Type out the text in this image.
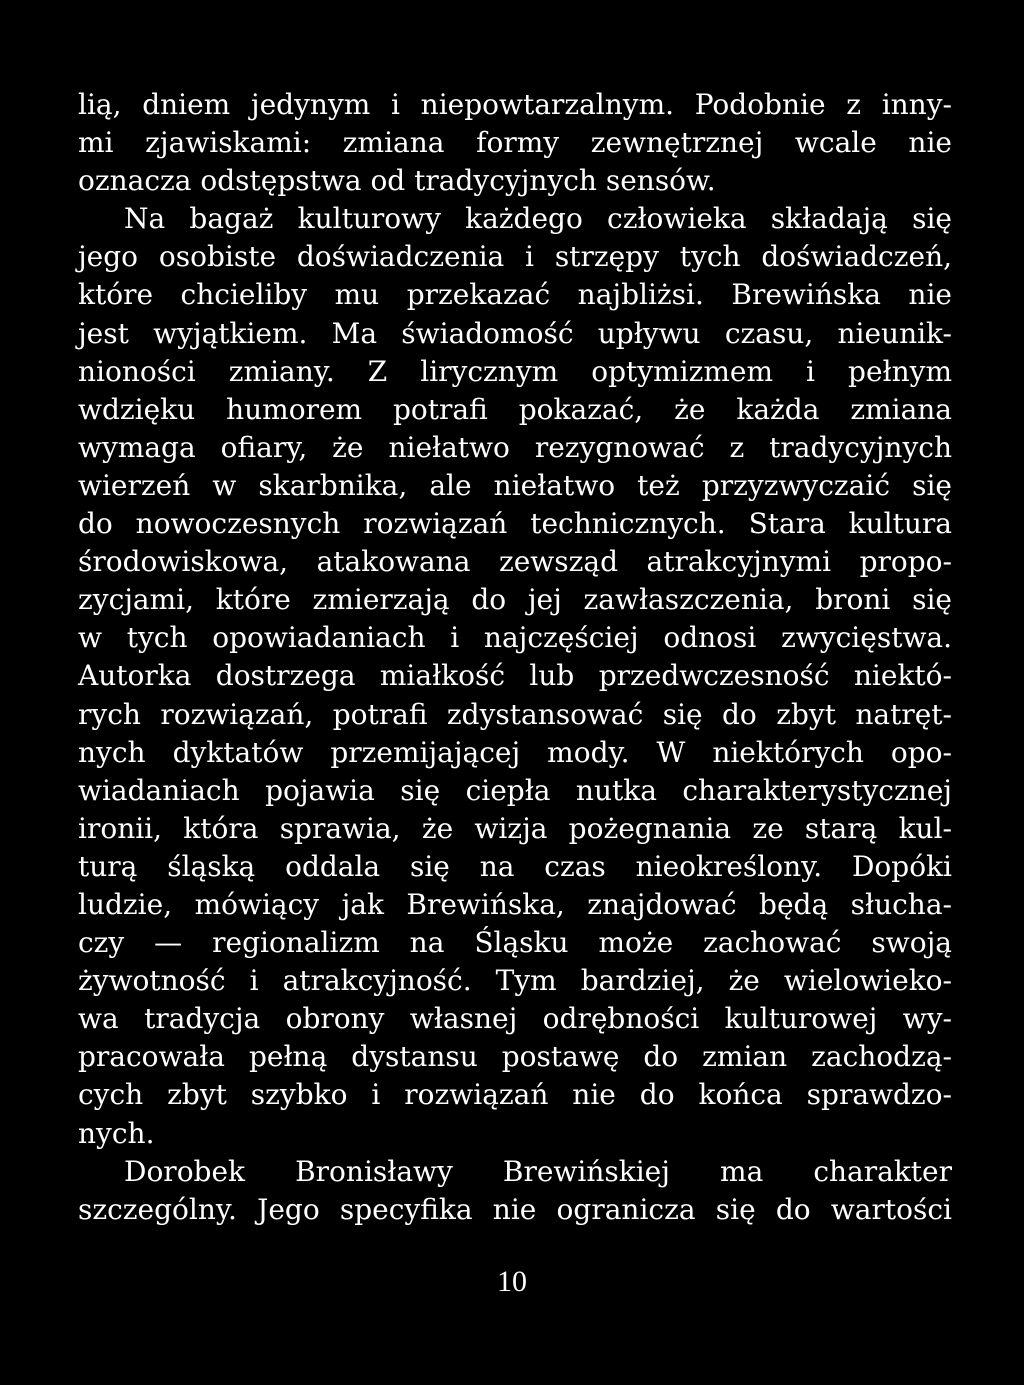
lią, dniem jedynym i niepowtarzalnym. Podobnie z inny-
mi zjawiskami: zmiana formy zewnętrznej wcale nie
oznacza odstępstwa od tradycyjnych sensów.
Na bagaż kulturowy każdego człowieka składają się
jego osobiste doświadczenia i strzępy tych doświadczeń,
które chcieliby mu przekazać najbliżsi. Brewińska nie
jest wyjątkiem. Ma świadomość upływu czasu, nieunik-
nioności zmiany. Z lirycznym optymizmem i pełnym
wdzięku humorem potrafi pokazać, że każda zmiana
wymaga ofiary, że niełatwo rezygnować z tradycyjnych
wierzeń w skarbnika, ale niełatwo też przyzwyczaić się
do nowoczesnych rozwiązań technicznych. Stara kultura
środowiskowa, atakowana zewsząd atrakcyjnymi propo-
zycjami, które zmierzają do jej zawłaszczenia, broni się
w tych opowiadaniach i najczęściej odnosi zwycięstwa.
Autorka dostrzega miałkość lub przedwczesność niektó-
rych rozwiązań, potrafi zdystansować się do zbyt natręt-
nych dyktatów przemijającej mody. W niektórych opo-
wiadaniach pojawia się ciepła nutka charakterystycznej
ironii, która sprawia, że wizja pożegnania ze starą kul-
turą śląską oddala się na czas nieokreślony. Dopóki
ludzie, mówiący jak Brewińska, znajdować będą słucha-
czy — regionalizm na Śląsku może zachować swoją
żywotność i atrakcyjność. Tym bardziej, że wielowieko-
wa tradycja obrony własnej odrębności kulturowej wy-
pracowała pełną dystansu postawę do zmian zachodzą-
cych zbyt szybko i rozwiązań nie do końca sprawdzo-
nych.
Dorobek Bronisławy Brewińskiej ma charakter
szczególny. Jego specyfika nie ogranicza się do wartości
10
